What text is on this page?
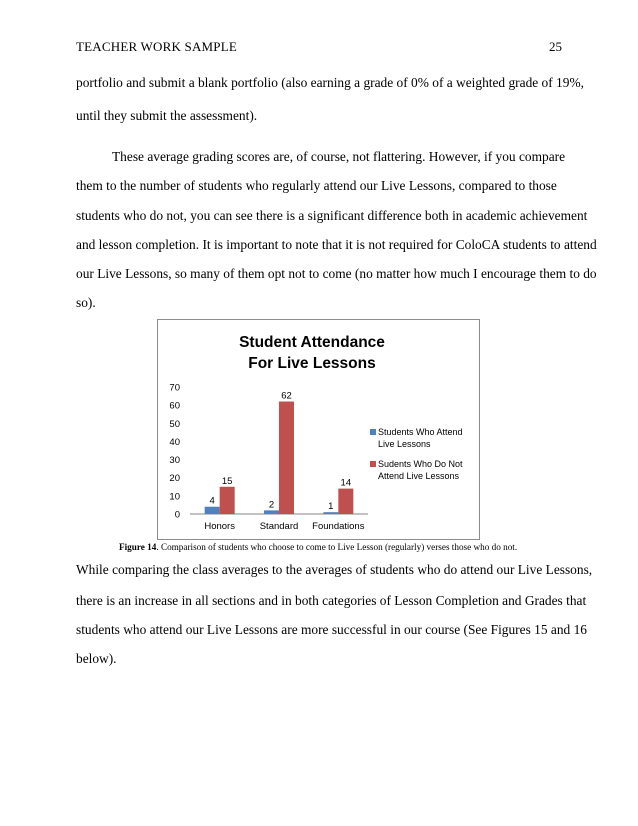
TEACHER WORK SAMPLE	25
portfolio and submit a blank portfolio (also earning a grade of 0% of a weighted grade of 19%,
until they submit the assessment).
These average grading scores are, of course, not flattering. However, if you compare
them to the number of students who regularly attend our Live Lessons, compared to those
students who do not, you can see there is a significant difference both in academic achievement
and lesson completion. It is important to note that it is not required for ColoCA students to attend
our Live Lessons, so many of them opt not to come (no matter how much I encourage them to do
so).
Student Attendance
For Live Lessons
0
10
20
30
40
50
60
70
Honors	Standard Foundations
4
15
2
62
1
14
Students Who Attend
Live Lessons
Sudents Who Do Not
Attend Live Lessons
Figure 14. Comparison of students who choose to come to Live Lesson (regularly) verses those who do not.
While comparing the class averages to the averages of students who do attend our Live Lessons,
there is an increase in all sections and in both categories of Lesson Completion and Grades that
students who attend our Live Lessons are more successful in our course (See Figures 15 and 16
below).
